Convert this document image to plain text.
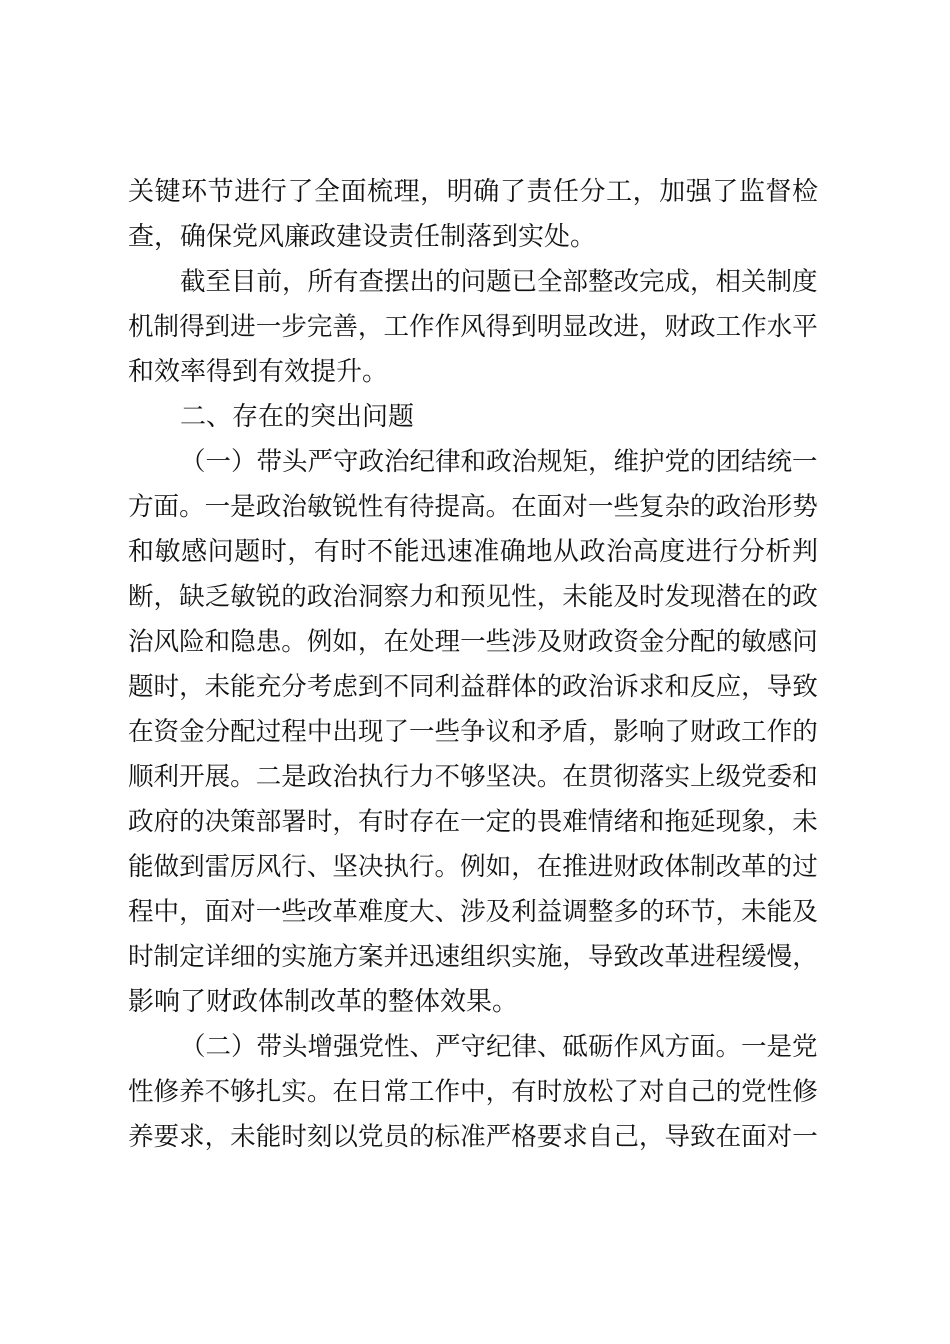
关键环节进行了全面梳理，明确了责任分工，加强了监督检
查，确保党风廉政建设责任制落到实处。

截至目前，所有查摆出的问题已全部整改完成，相关制度
机制得到进一步完善，工作作风得到明显改进，财政工作水平
和效率得到有效提升。

二、存在的突出问题

（一）带头严守政治纪律和政治规矩，维护党的团结统一
方面。一是政治敏锐性有待提高。在面对一些复杂的政治形势
和敏感问题时，有时不能迅速准确地从政治高度进行分析判
断，缺乏敏锐的政治洞察力和预见性，未能及时发现潜在的政
治风险和隐患。例如，在处理一些涉及财政资金分配的敏感问
题时，未能充分考虑到不同利益群体的政治诉求和反应，导致
在资金分配过程中出现了一些争议和矛盾，影响了财政工作的
顺利开展。二是政治执行力不够坚决。在贯彻落实上级党委和
政府的决策部署时，有时存在一定的畏难情绪和拖延现象，未
能做到雷厉风行、坚决执行。例如，在推进财政体制改革的过
程中，面对一些改革难度大、涉及利益调整多的环节，未能及
时制定详细的实施方案并迅速组织实施，导致改革进程缓慢，
影响了财政体制改革的整体效果。

（二）带头增强党性、严守纪律、砥砺作风方面。一是党
性修养不够扎实。在日常工作中，有时放松了对自己的党性修
养要求，未能时刻以党员的标准严格要求自己，导致在面对一
